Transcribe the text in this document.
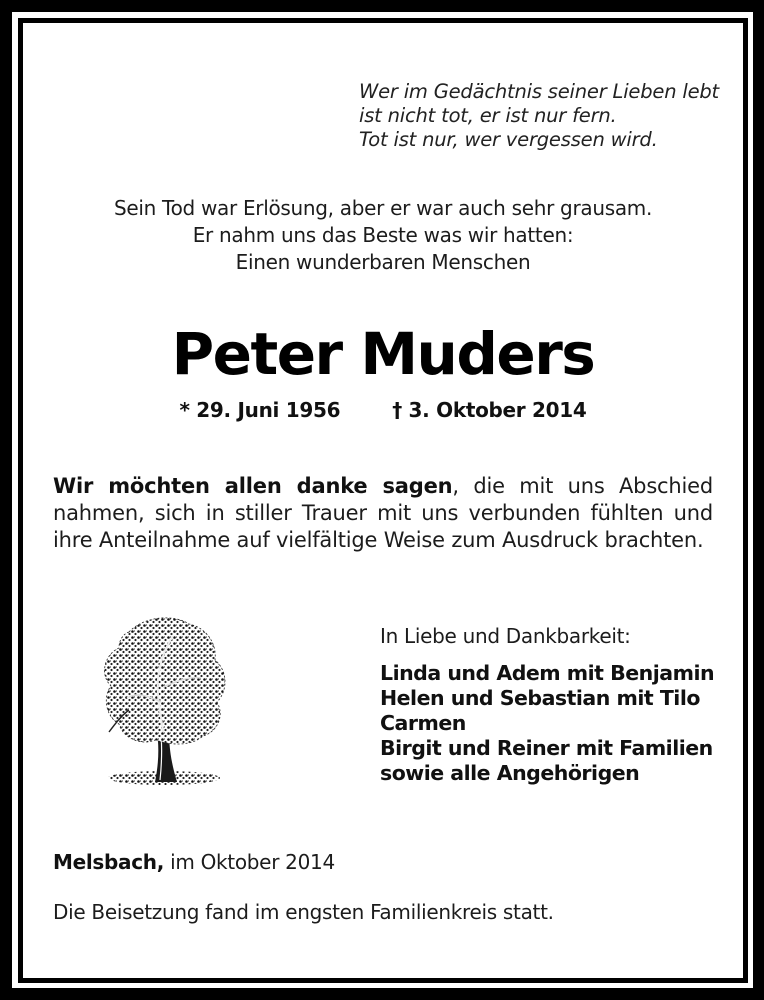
Wer im Gedächtnis seiner Lieben lebt
ist nicht tot, er ist nur fern.
Tot ist nur, wer vergessen wird.
Sein Tod war Erlösung, aber er war auch sehr grausam.
Er nahm uns das Beste was wir hatten:
Einen wunderbaren Menschen
Peter Muders
* 29. Juni 1956	† 3. Oktober 2014
Wir möchten allen danke sagen, die mit uns Abschied nahmen, sich in stiller Trauer mit uns verbunden fühlten und ihre Anteilnahme auf vielfältige Weise zum Ausdruck brachten.
In Liebe und Dankbarkeit:
Linda und Adem mit Benjamin
Helen und Sebastian mit Tilo
Carmen
Birgit und Reiner mit Familien
sowie alle Angehörigen
Melsbach, im Oktober 2014
Die Beisetzung fand im engsten Familienkreis statt.
